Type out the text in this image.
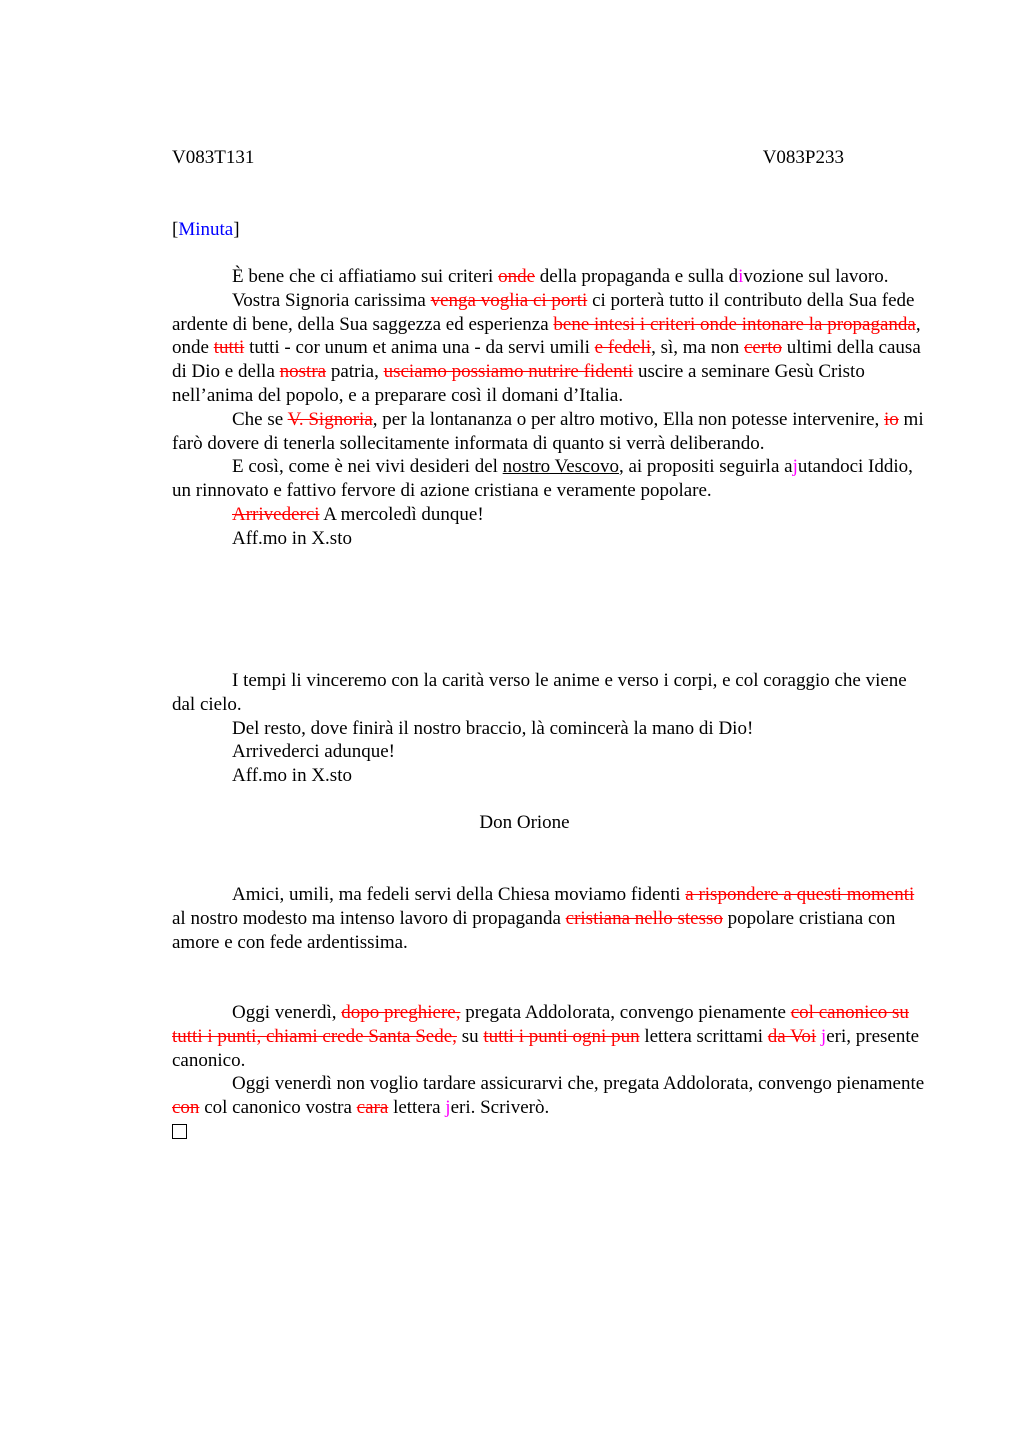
V083T131	V083P233
[Minuta]

È bene che ci affiatiamo sui criteri onde della propaganda e sulla divozione sul lavoro.

Vostra Signoria carissima venga voglia ci porti ci porterà tutto il contributo della Sua fede ardente di bene, della Sua saggezza ed esperienza bene intesi i criteri onde intonare la propaganda, onde tutti tutti - cor unum et anima una - da servi umili e fedeli, sì, ma non certo ultimi della causa di Dio e della nostra patria, usciamo possiamo nutrire fidenti uscire a seminare Gesù Cristo nell’anima del popolo, e a preparare così il domani d’Italia.

Che se V. Signoria, per la lontananza o per altro motivo, Ella non potesse intervenire, io mi farò dovere di tenerla sollecitamente informata di quanto si verrà deliberando.

E così, come è nei vivi desideri del nostro Vescovo, ai propositi seguirla ajutandoci Iddio, un rinnovato e fattivo fervore di azione cristiana e veramente popolare.

Arrivederci A mercoledì dunque!

Aff.mo in X.sto

I tempi li vinceremo con la carità verso le anime e verso i corpi, e col coraggio che viene dal cielo.

Del resto, dove finirà il nostro braccio, là comincerà la mano di Dio!

Arrivederci adunque!

Aff.mo in X.sto

Don Orione

Amici, umili, ma fedeli servi della Chiesa moviamo fidenti a rispondere a questi momenti al nostro modesto ma intenso lavoro di propaganda cristiana nello stesso popolare cristiana con amore e con fede ardentissima.

Oggi venerdì, dopo preghiere, pregata Addolorata, convengo pienamente col canonico su tutti i punti, chiami crede Santa Sede, su tutti i punti ogni pun lettera scrittami da Voi jeri, presente canonico.

Oggi venerdì non voglio tardare assicurarvi che, pregata Addolorata, convengo pienamente con col canonico vostra cara lettera jeri. Scriverò.
